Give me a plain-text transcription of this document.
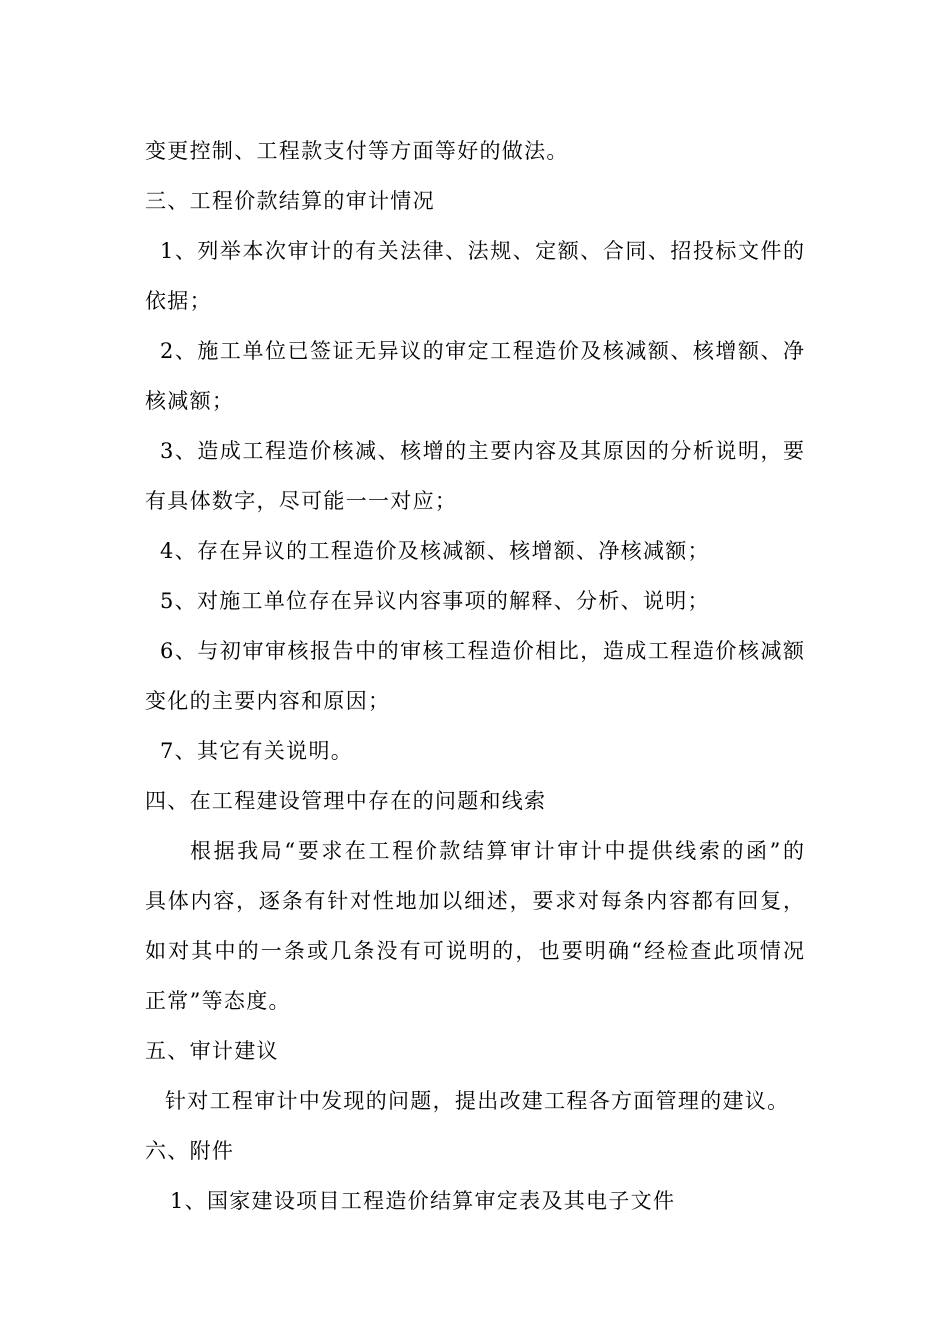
变更控制、工程款支付等方面等好的做法。
三、工程价款结算的审计情况
1、列举本次审计的有关法律、法规、定额、合同、招投标文件的
依据；
2、施工单位已签证无异议的审定工程造价及核减额、核增额、净
核减额；
3、造成工程造价核减、核增的主要内容及其原因的分析说明，要
有具体数字，尽可能一一对应；
4、存在异议的工程造价及核减额、核增额、净核减额；
5、对施工单位存在异议内容事项的解释、分析、说明；
6、与初审审核报告中的审核工程造价相比，造成工程造价核减额
变化的主要内容和原因；
7、其它有关说明。
四、在工程建设管理中存在的问题和线索
根据我局“要求在工程价款结算审计审计中提供线索的函”的
具体内容，逐条有针对性地加以细述，要求对每条内容都有回复，
如对其中的一条或几条没有可说明的，也要明确“经检查此项情况
正常”等态度。
五、审计建议
针对工程审计中发现的问题，提出改建工程各方面管理的建议。
六、附件
1、国家建设项目工程造价结算审定表及其电子文件
